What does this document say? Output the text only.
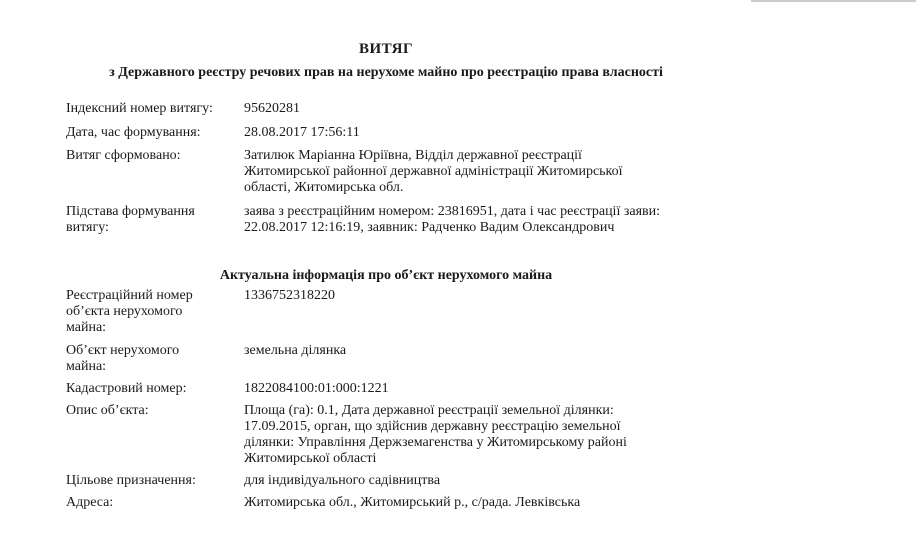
ВИТЯГ
з Державного реєстру речових прав на нерухоме майно про реєстрацію права власності
Індексний номер витягу:	95620281
Дата, час формування:	28.08.2017 17:56:11
Витяг сформовано:	Затилюк Маріанна Юріївна, Відділ державної реєстрації
Житомирської районної державної адміністрації Житомирської
області, Житомирська обл.
Підстава формування
витягу:
заява з реєстраційним номером: 23816951, дата і час реєстрації заяви:
22.08.2017 12:16:19, заявник: Радченко Вадим Олександрович
Актуальна інформація про об’єкт нерухомого майна
Реєстраційний номер
об’єкта нерухомого
майна:
1336752318220
Об’єкт нерухомого
майна:
земельна ділянка
Кадастровий номер:	1822084100:01:000:1221
Опис об’єкта:	Площа (га): 0.1, Дата державної реєстрації земельної ділянки:
17.09.2015, орган, що здійснив державну реєстрацію земельної
ділянки: Управління Держземагенства у Житомирському районі
Житомирської області
Цільове призначення:	для індивідуального садівництва
Адреса:	Житомирська обл., Житомирський р., с/рада. Левківська
